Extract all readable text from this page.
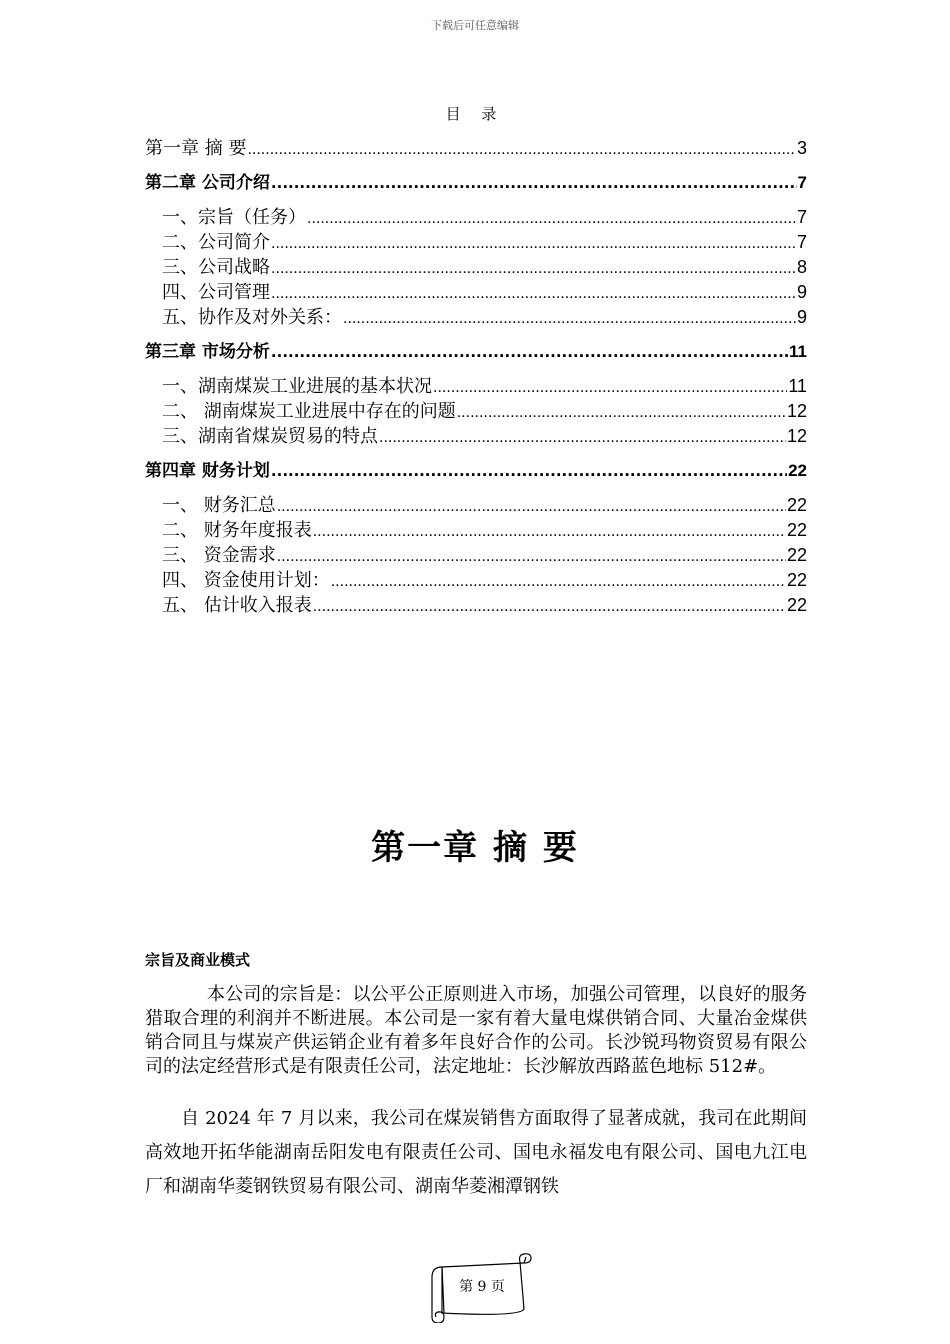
下载后可任意编辑
目 录
第一章 摘 要 .....	3
第二章 公司介绍 .....	7
一、宗旨（任务） .....	7
二、公司简介 .....	7
三、公司战略 .....	8
四、公司管理 .....	9
五、协作及对外关系： .....	9
第三章 市场分析 .....	11
一、湖南煤炭工业进展的基本状况 .....	11
二、 湖南煤炭工业进展中存在的问题 .....	12
三、湖南省煤炭贸易的特点 .....	12
第四章 财务计划 .....	22
一、 财务汇总 .....	22
二、 财务年度报表 .....	22
三、 资金需求 .....	22
四、 资金使用计划： .....	22
五、 估计收入报表 .....	22
第一章 摘 要
宗旨及商业模式

本公司的宗旨是：以公平公正原则进入市场，加强公司管理，以良好的服务猎取合理的利润并不断进展。本公司是一家有着大量电煤供销合同、大量冶金煤供销合同且与煤炭产供运销企业有着多年良好合作的公司。长沙锐玛物资贸易有限公司的法定经营形式是有限责任公司，法定地址：长沙解放西路蓝色地标 512#。

自 2024 年 7 月以来，我公司在煤炭销售方面取得了显著成就，我司在此期间高效地开拓华能湖南岳阳发电有限责任公司、国电永福发电有限公司、国电九江电厂和湖南华菱钢铁贸易有限公司、湖南华菱湘潭钢铁

第 9 页
